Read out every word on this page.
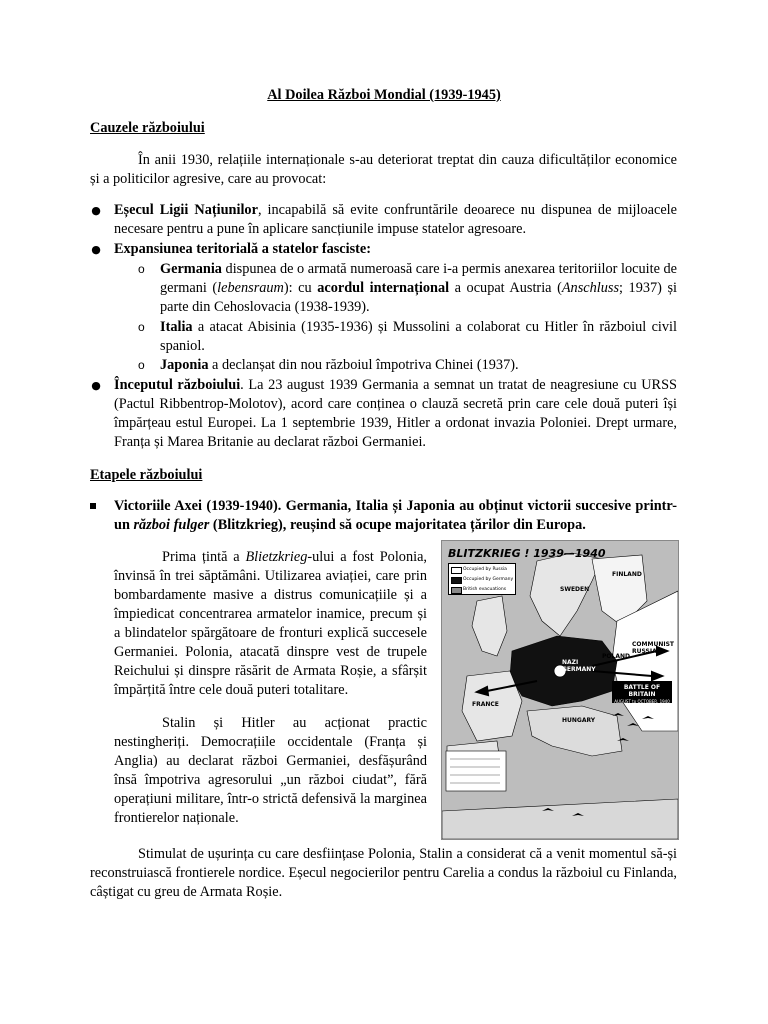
Al Doilea Război Mondial (1939-1945)
Cauzele războiului
În anii 1930, relațiile internaționale s-au deteriorat treptat din cauza dificultăților economice și a politicilor agresive, care au provocat:
● Eșecul Ligii Națiunilor, incapabilă să evite confruntările deoarece nu dispunea de mijloacele necesare pentru a pune în aplicare sancțiunile impuse statelor agresoare.
● Expansiunea teritorială a statelor fasciste:
o Germania dispunea de o armată numeroasă care i-a permis anexarea teritoriilor locuite de germani (lebensraum): cu acordul internațional a ocupat Austria (Anschluss; 1937) și parte din Cehoslovacia (1938-1939).
o Italia a atacat Abisinia (1935-1936) și Mussolini a colaborat cu Hitler în războiul civil spaniol.
o Japonia a declanșat din nou războiul împotriva Chinei (1937).
● Începutul războiului. La 23 august 1939 Germania a semnat un tratat de neagresiune cu URSS (Pactul Ribbentrop-Molotov), acord care conținea o clauză secretă prin care cele două puteri își împărțeau estul Europei. La 1 septembrie 1939, Hitler a ordonat invazia Poloniei. Drept urmare, Franța și Marea Britanie au declarat război Germaniei.
Etapele războiului
Victoriile Axei (1939-1940). Germania, Italia și Japonia au obținut victorii succesive printr-un război fulger (Blitzkrieg), reușind să ocupe majoritatea țărilor din Europa.
Prima țintă a Blietzkrieg-ului a fost Polonia, învinsă în trei săptămâni. Utilizarea aviației, care prin bombardamente masive a distrus comunicațiile și a împiedicat concentrarea armatelor inamice, precum și a blindatelor spărgătoare de fronturi explică succesele Germaniei. Polonia, atacată dinspre vest de trupele Reichului și dinspre răsărit de Armata Roșie, a sfârșit împărțită între cele două puteri totalitare.
Stalin și Hitler au acționat practic nestingheriți. Democrațiile occidentale (Franța și Anglia) au declarat război Germaniei, desfășurând însă împotriva agresorului „un război ciudat”, fără operațiuni militare, într-o strictă defensivă la marginea frontierelor naționale.
Stimulat de ușurința cu care desființase Polonia, Stalin a considerat că a venit momentul să-și reconstruiască frontierele nordice. Eșecul negocierilor pentru Carelia a condus la războiul cu Finlanda, câștigat cu greu de Armata Roșie.
BLITZKRIEG ! 1939—1940
Occupied by Russia
Occupied by Germany
British evacuations	SWEDEN
FINLAND
NAZI GERMANY
COMMUNIST RUSSIA
FRANCE
POLAND
HUNGARY
BATTLE OF BRITAIN
AUGUST to OCTOBER, 1940
